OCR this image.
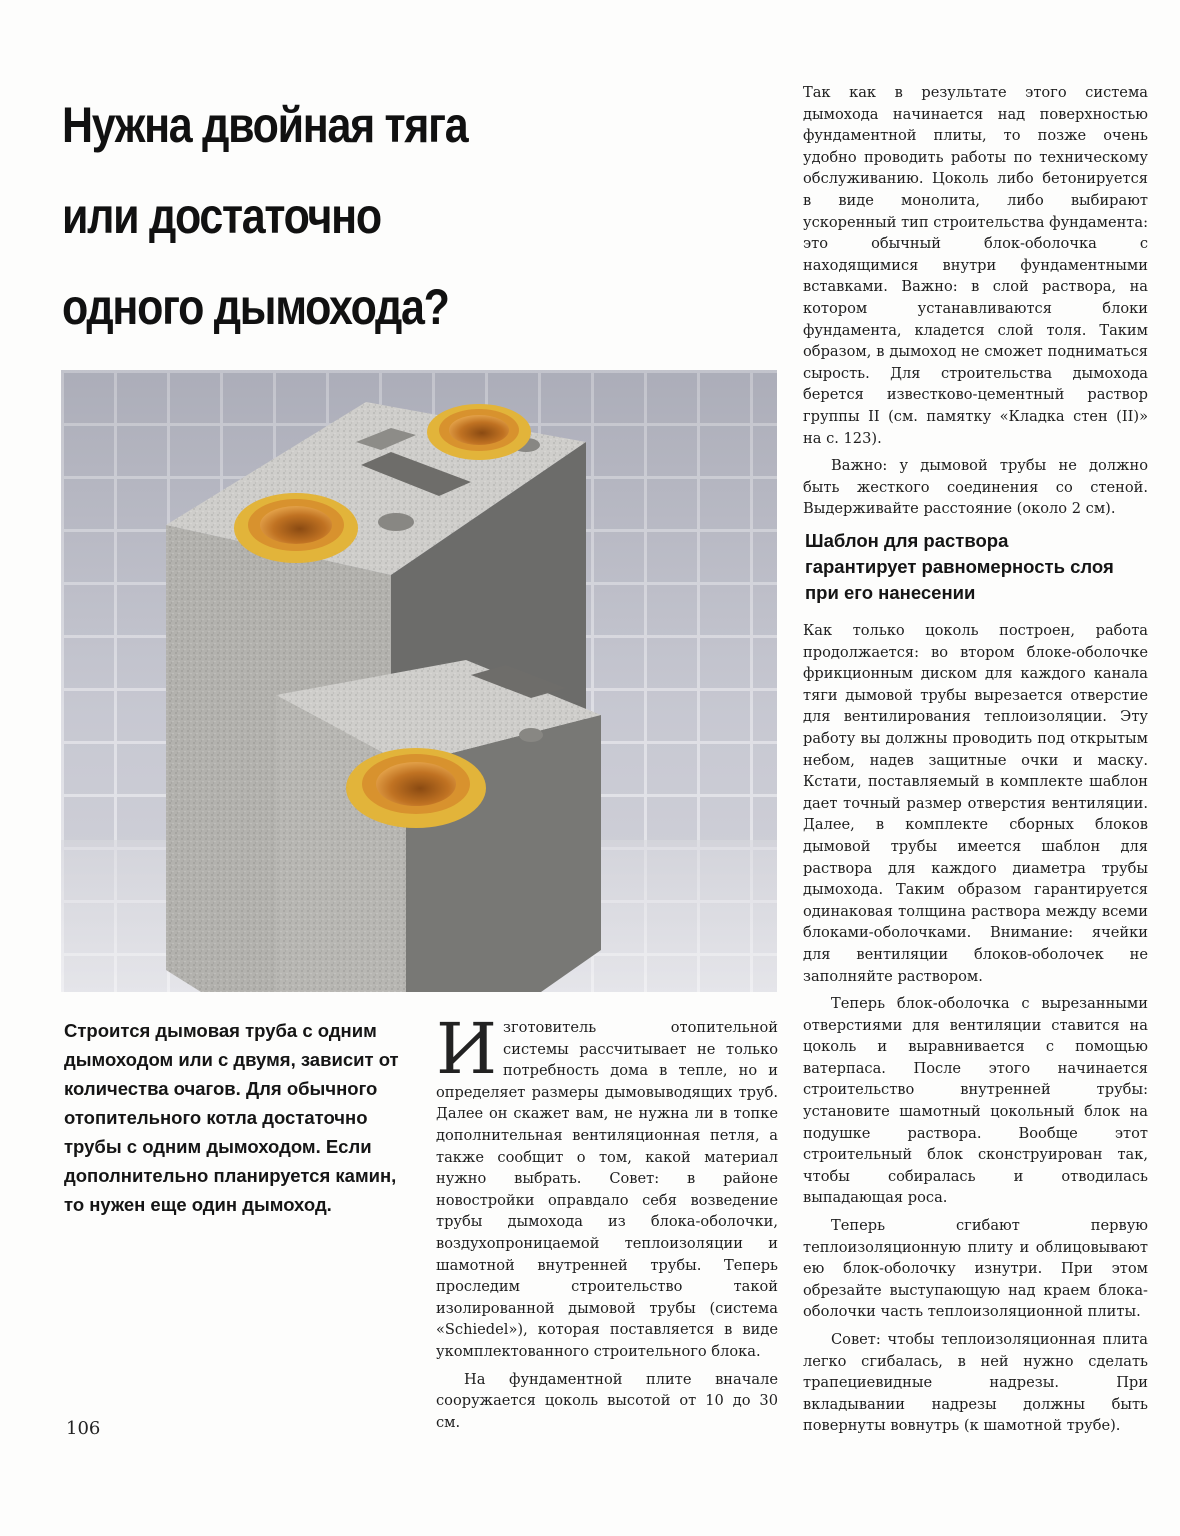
Нужна двойная тяга
или достаточно
одного дымохода?

Строится дымовая труба с одним дымоходом или с двумя, зависит от количества очагов. Для обычного отопительного котла достаточно трубы с одним дымоходом. Если дополнительно планируется камин, то нужен еще один дымоход.

Изготовитель отопительной системы рассчитывает не только потребность дома в тепле, но и определяет размеры дымовыводящих труб. Далее он скажет вам, не нужна ли в топке дополнительная вентиляционная петля, а также сообщит о том, какой материал нужно выбрать. Совет: в районе новостройки оправдало себя возведение трубы дымохода из блока-оболочки, воздухопроницаемой теплоизоляции и шамотной внутренней трубы. Теперь проследим строительство такой изолированной дымовой трубы (система «Schiedel»), которая поставляется в виде укомплектованного строительного блока.

На фундаментной плите вначале сооружается цоколь высотой от 10 до 30 см.

Так как в результате этого система дымохода начинается над поверхностью фундаментной плиты, то позже очень удобно проводить работы по техническому обслуживанию. Цоколь либо бетонируется в виде монолита, либо выбирают ускоренный тип строительства фундамента: это обычный блок-оболочка с находящимися внутри фундаментными вставками. Важно: в слой раствора, на котором устанавливаются блоки фундамента, кладется слой толя. Таким образом, в дымоход не сможет подниматься сырость. Для строительства дымохода берется известково-цементный раствор группы II (см. памятку «Кладка стен (II)» на с. 123).

Важно: у дымовой трубы не должно быть жесткого соединения со стеной. Выдерживайте расстояние (около 2 см).

Шаблон для раствора
гарантирует равномерность слоя
при его нанесении

Как только цоколь построен, работа продолжается: во втором блоке-оболочке фрикционным диском для каждого канала тяги дымовой трубы вырезается отверстие для вентилирования теплоизоляции. Эту работу вы должны проводить под открытым небом, надев защитные очки и маску. Кстати, поставляемый в комплекте шаблон дает точный размер отверстия вентиляции. Далее, в комплекте сборных блоков дымовой трубы имеется шаблон для раствора для каждого диаметра трубы дымохода. Таким образом гарантируется одинаковая толщина раствора между всеми блоками-оболочками. Внимание: ячейки для вентиляции блоков-оболочек не заполняйте раствором.

Теперь блок-оболочка с вырезанными отверстиями для вентиляции ставится на цоколь и выравнивается с помощью ватерпаса. После этого начинается строительство внутренней трубы: установите шамотный цокольный блок на подушке раствора. Вообще этот строительный блок сконструирован так, чтобы собиралась и отводилась выпадающая роса.

Теперь сгибают первую теплоизоляционную плиту и облицовывают ею блок-оболочку изнутри. При этом обрезайте выступающую над краем блока-оболочки часть теплоизоляционной плиты.

Совет: чтобы теплоизоляционная плита легко сгибалась, в ней нужно сделать трапециевидные надрезы. При вкладывании надрезы должны быть повернуты вовнутрь (к шамотной трубе).

106
